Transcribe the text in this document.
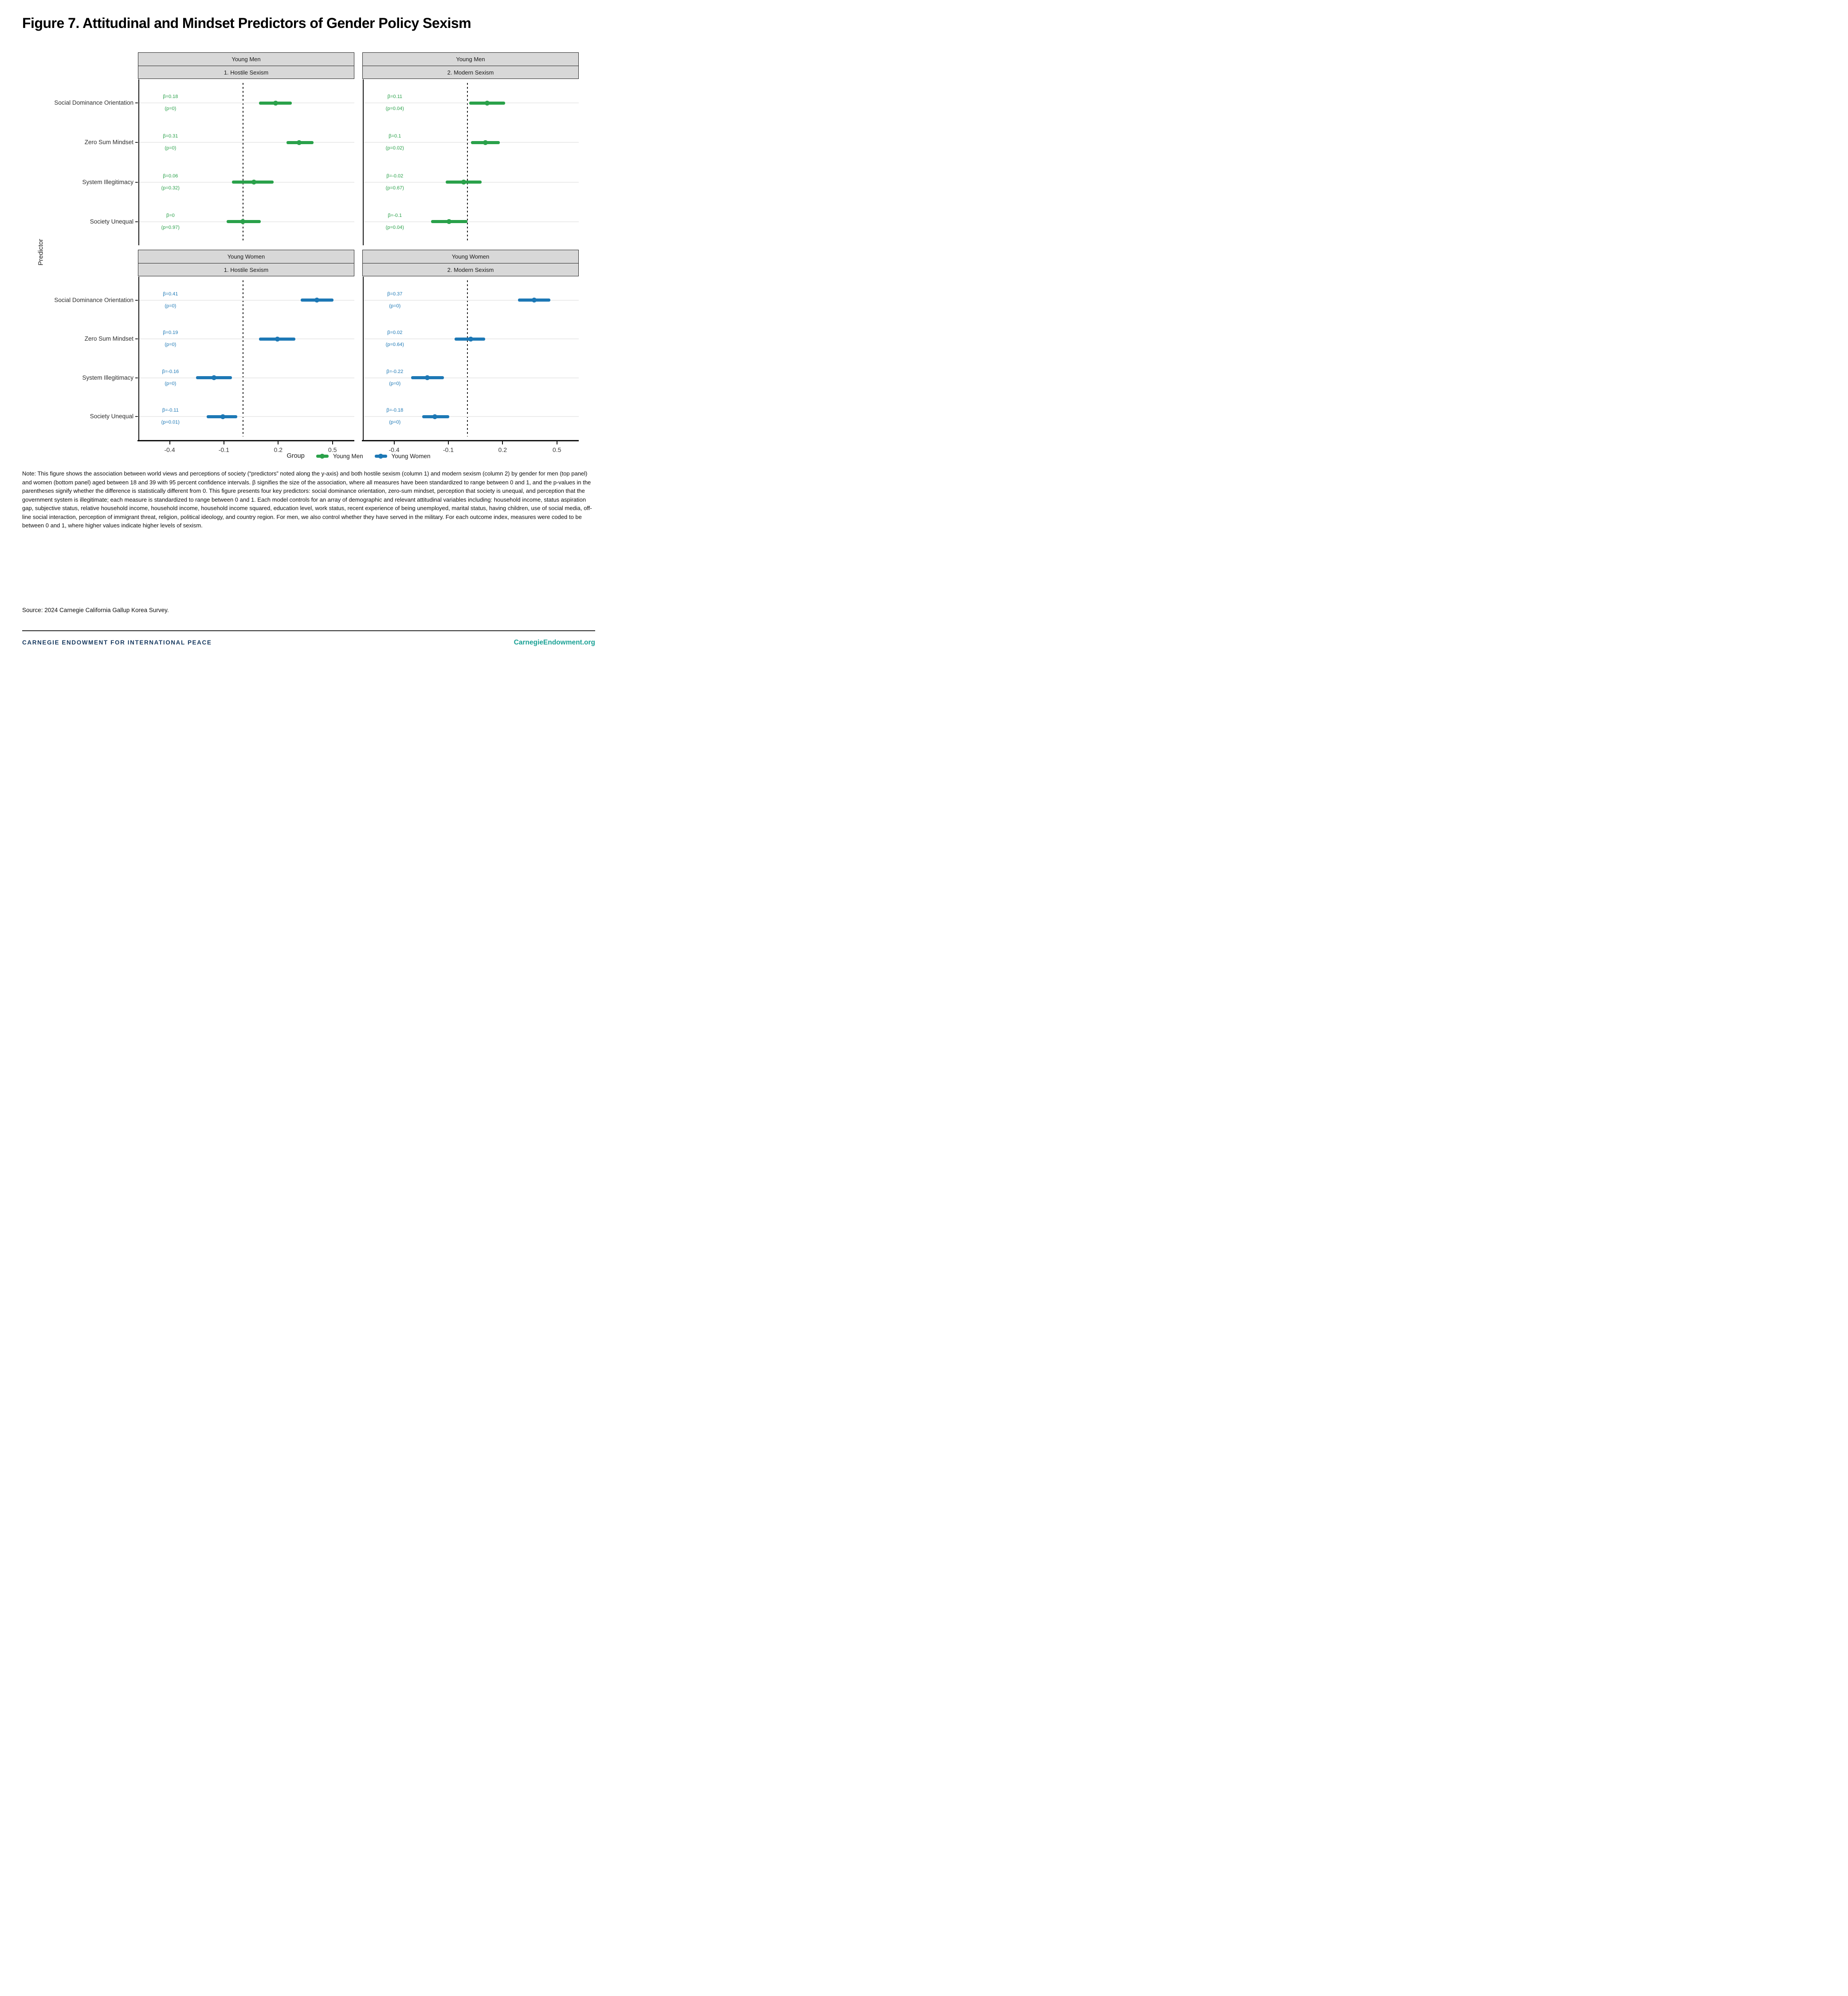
Figure 7. Attitudinal and Mindset Predictors of Gender Policy Sexism
Predictor
Young Men
1. Hostile Sexism
β=0.18
(p=0)
β=0.31
(p=0)
β=0.06
(p=0.32)
β=0
(p=0.97)
Social Dominance Orientation
Zero Sum Mindset
System Illegitimacy
Society Unequal
Young Men
2. Modern Sexism
β=0.11
(p=0.04)
β=0.1
(p=0.02)
β=-0.02
(p=0.67)
β=-0.1
(p=0.04)
Young Women
1. Hostile Sexism
β=0.41
(p=0)
β=0.19
(p=0)
β=-0.16
(p=0)
β=-0.11
(p=0.01)
Social Dominance Orientation
Zero Sum Mindset
System Illegitimacy
Society Unequal
Young Women
2. Modern Sexism
β=0.37
(p=0)
β=0.02
(p=0.64)
β=-0.22
(p=0)
β=-0.18
(p=0)
-0.4	-0.1	0.2	0.5	-0.4	-0.1	0.2	0.5
Group	Young Men	Young Women

Note: This figure shows the association between world views and perceptions of society (“predictors” noted along the y-axis) and both hostile sexism (column 1) and modern sexism (column 2) by gender for men (top panel) and women (bottom panel) aged between 18 and 39 with 95 percent confidence intervals. β signifies the size of the association, where all measures have been standardized to range between 0 and 1, and the p-values in the parentheses signify whether the difference is statistically different from 0. This figure presents four key predictors: social dominance orientation, zero-sum mindset, perception that society is unequal, and perception that the government system is illegitimate; each measure is standardized to range between 0 and 1. Each model controls for an array of demographic and relevant attitudinal variables including: household income, status aspiration gap, subjective status, relative household income, household income, household income squared, education level, work status, recent experience of being unemployed, marital status, having children, use of social media, off-line social interaction, perception of immigrant threat, religion, political ideology, and country region. For men, we also control whether they have served in the military. For each outcome index, measures were coded to be between 0 and 1, where higher values indicate higher levels of sexism.

Source: 2024 Carnegie California Gallup Korea Survey.

CARNEGIE ENDOWMENT FOR INTERNATIONAL PEACE	CarnegieEndowment.org
